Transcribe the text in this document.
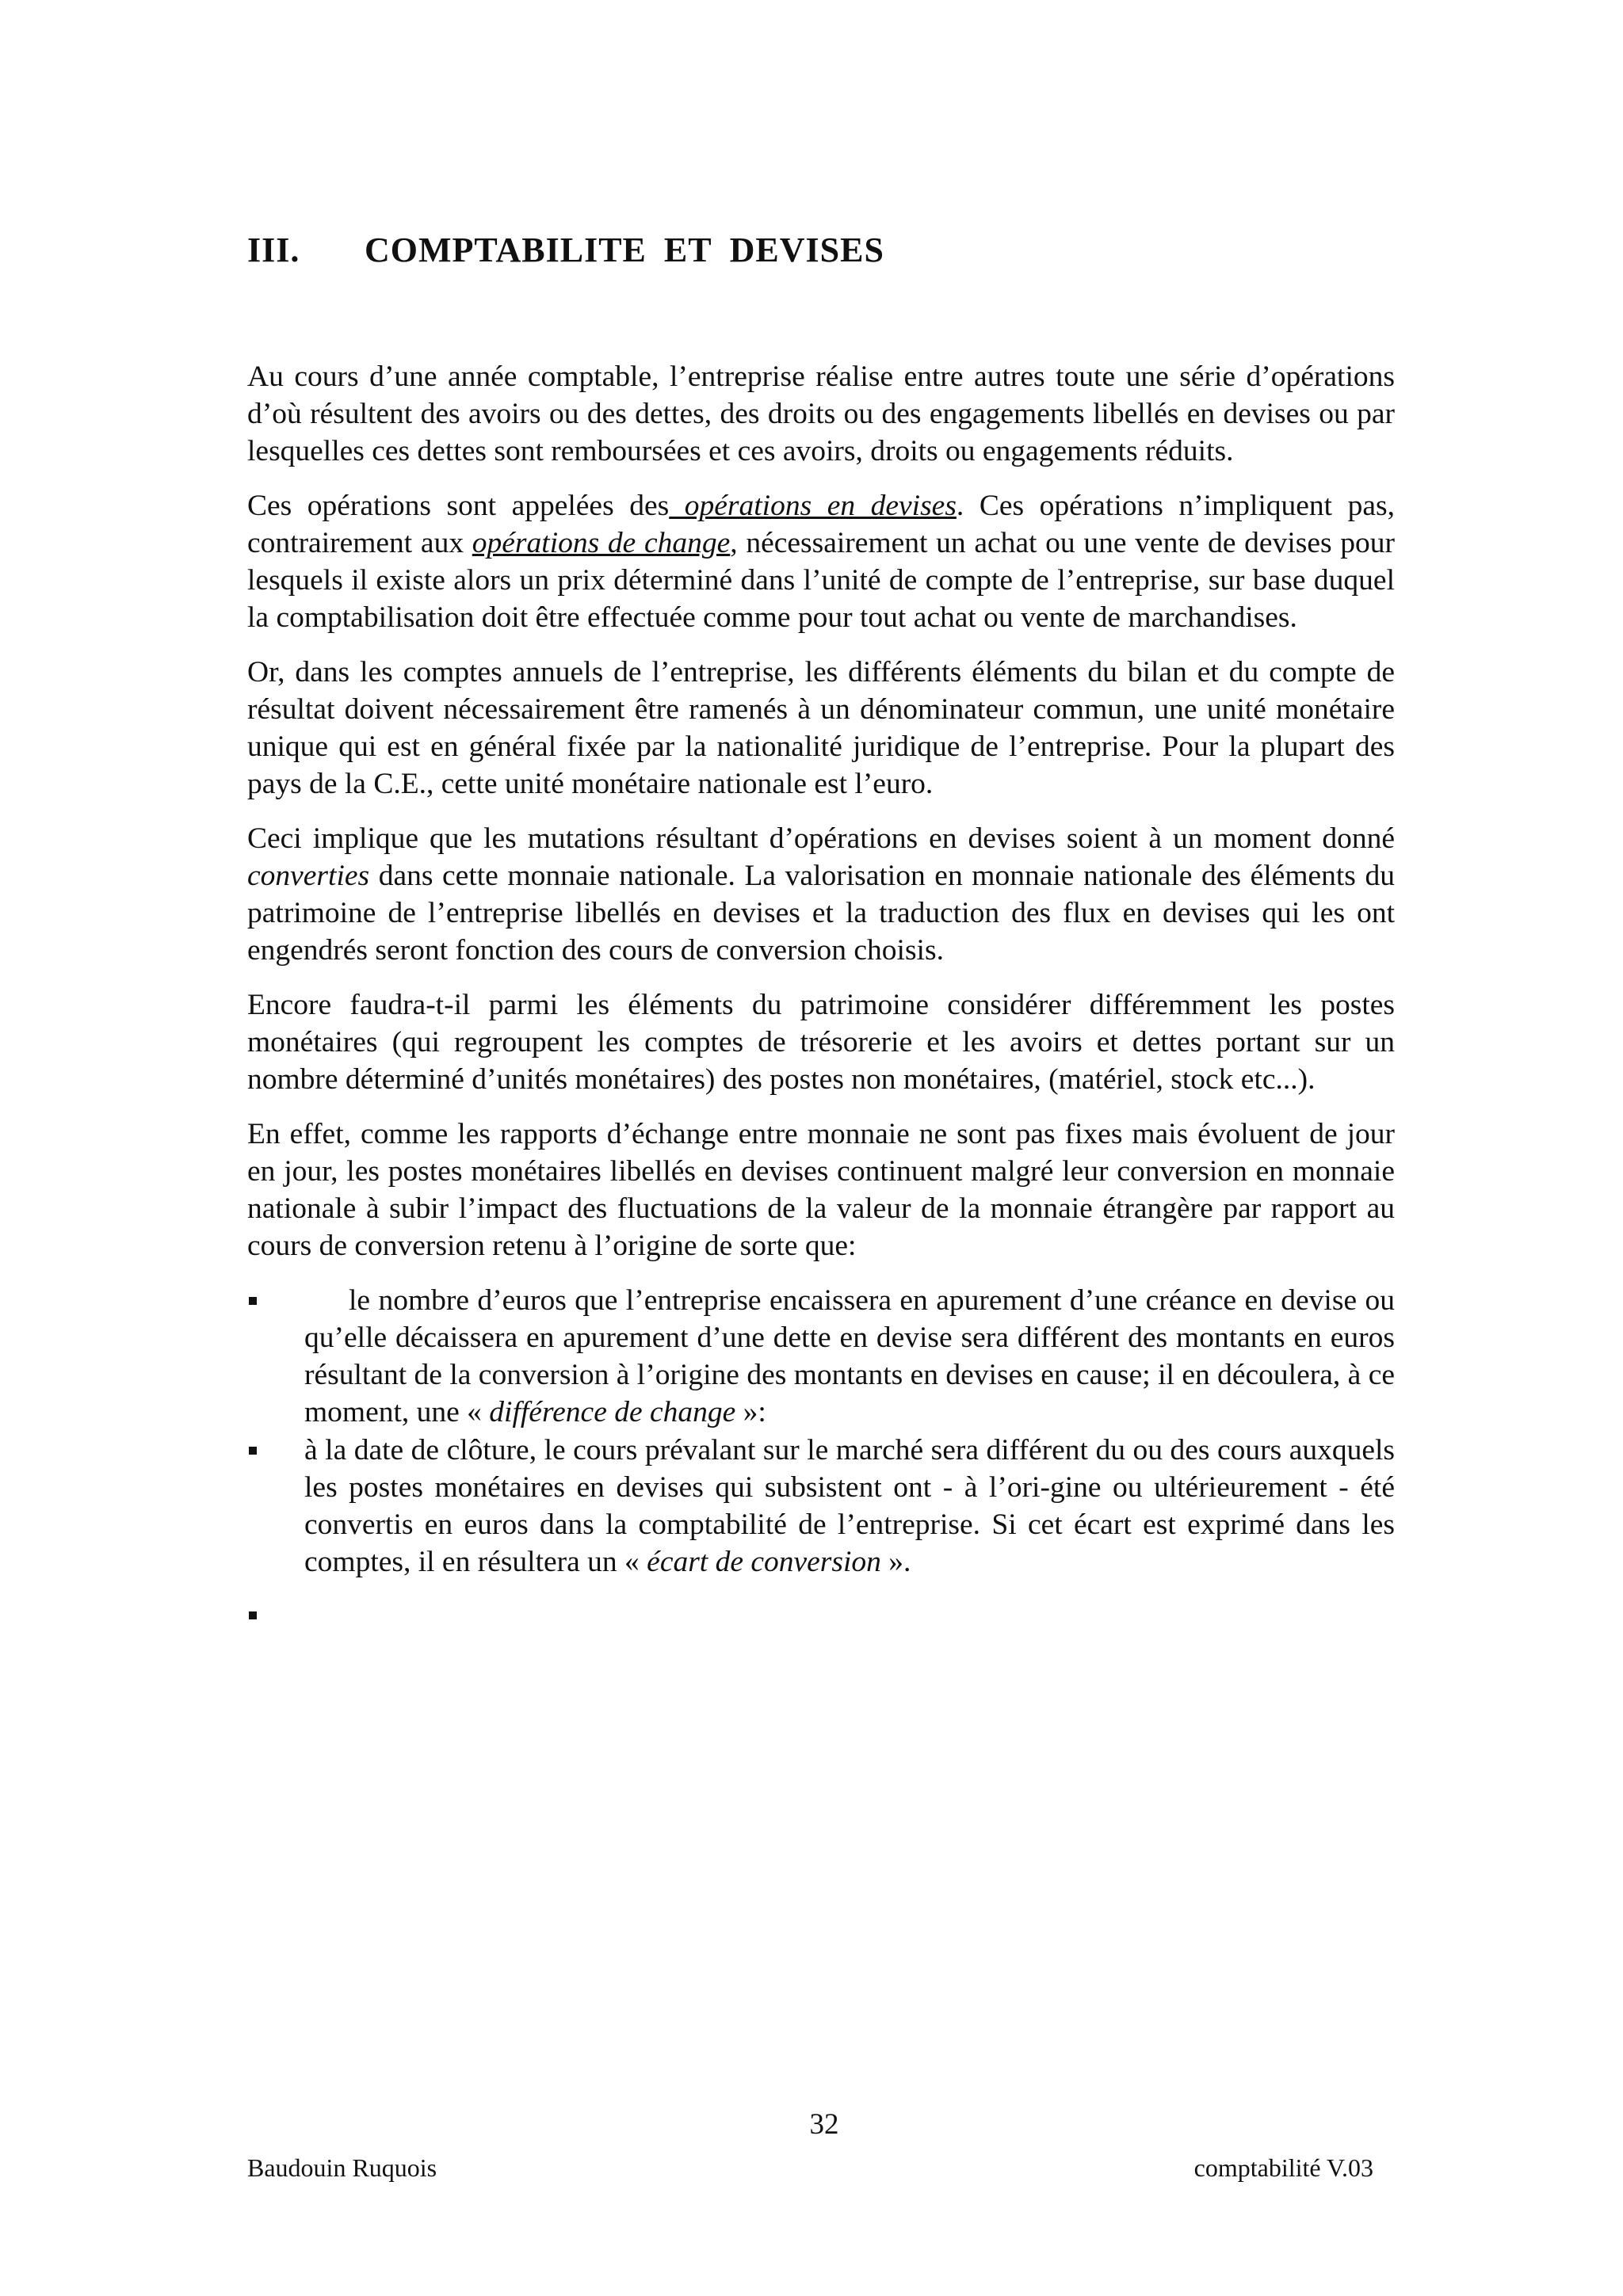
III. COMPTABILITE ET DEVISES

Au cours d’une année comptable, l’entreprise réalise entre autres toute une série d’opérations d’où résultent des avoirs ou des dettes, des droits ou des engagements libellés en devises ou par lesquelles ces dettes sont remboursées et ces avoirs, droits ou engagements réduits.

Ces opérations sont appelées des opérations en devises. Ces opérations n’impliquent pas, contrairement aux opérations de change, nécessairement un achat ou une vente de devises pour lesquels il existe alors un prix déterminé dans l’unité de compte de l’entreprise, sur base duquel la comptabilisation doit être effectuée comme pour tout achat ou vente de marchandises.

Or, dans les comptes annuels de l’entreprise, les différents éléments du bilan et du compte de résultat doivent nécessairement être ramenés à un dénominateur commun, une unité monétaire unique qui est en général fixée par la nationalité juridique de l’entreprise. Pour la plupart des pays de la C.E., cette unité monétaire nationale est l’euro.

Ceci implique que les mutations résultant d’opérations en devises soient à un moment donné converties dans cette monnaie nationale. La valorisation en monnaie nationale des éléments du patrimoine de l’entreprise libellés en devises et la traduction des flux en devises qui les ont engendrés seront fonction des cours de conversion choisis.

Encore faudra-t-il parmi les éléments du patrimoine considérer différemment les postes monétaires (qui regroupent les comptes de trésorerie et les avoirs et dettes portant sur un nombre déterminé d’unités monétaires) des postes non monétaires, (matériel, stock etc...).

En effet, comme les rapports d’échange entre monnaie ne sont pas fixes mais évoluent de jour en jour, les postes monétaires libellés en devises continuent malgré leur conversion en monnaie nationale à subir l’impact des fluctuations de la valeur de la monnaie étrangère par rapport au cours de conversion retenu à l’origine de sorte que:

le nombre d’euros que l’entreprise encaissera en apurement d’une créance en devise ou qu’elle décaissera en apurement d’une dette en devise sera différent des montants en euros résultant de la conversion à l’origine des montants en devises en cause; il en découlera, à ce moment, une « différence de change »:
à la date de clôture, le cours prévalant sur le marché sera différent du ou des cours auxquels les postes monétaires en devises qui subsistent ont - à l’ori-gine ou ultérieurement - été convertis en euros dans la comptabilité de l’entreprise. Si cet écart est exprimé dans les comptes, il en résultera un « écart de conversion ».
32
Baudouin Ruquois	comptabilité V.03
